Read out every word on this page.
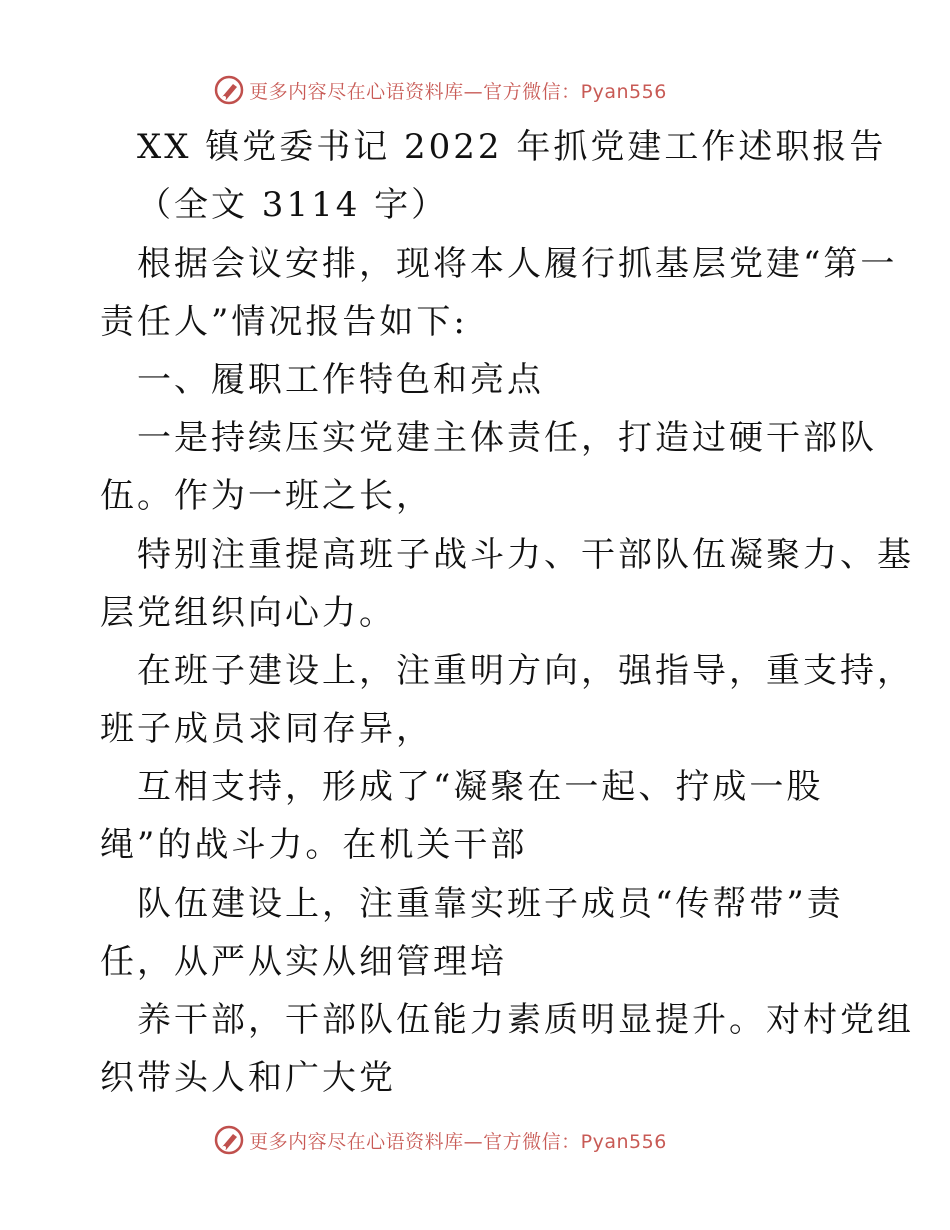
更多内容尽在心语资料库—官方微信：Pyan556
XX 镇党委书记 2022 年抓党建工作述职报告
（全文 3114 字）
根据会议安排，现将本人履行抓基层党建“第一
责任人”情况报告如下:
一、履职工作特色和亮点
一是持续压实党建主体责任，打造过硬干部队
伍。作为一班之长，
特别注重提高班子战斗力、干部队伍凝聚力、基
层党组织向心力。
在班子建设上，注重明方向，强指导，重支持，
班子成员求同存异，
互相支持，形成了“凝聚在一起、拧成一股
绳”的战斗力。在机关干部
队伍建设上，注重靠实班子成员“传帮带”责
任，从严从实从细管理培
养干部，干部队伍能力素质明显提升。对村党组
织带头人和广大党
更多内容尽在心语资料库—官方微信：Pyan556
